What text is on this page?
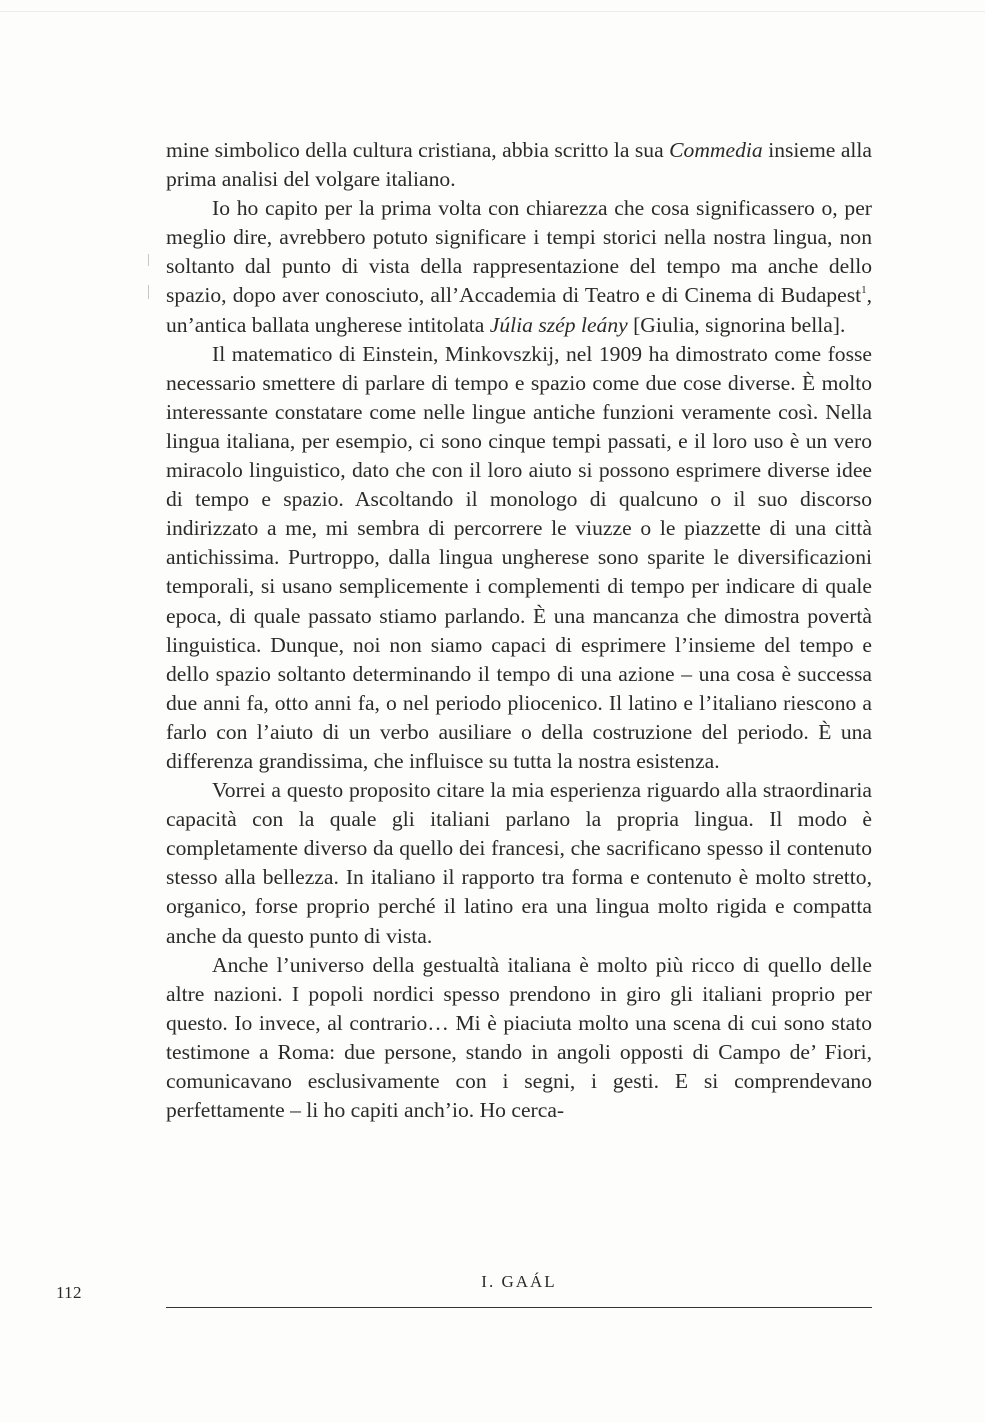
mine simbolico della cultura cristiana, abbia scritto la sua Commedia insieme alla prima analisi del volgare italiano.

Io ho capito per la prima volta con chiarezza che cosa significassero o, per meglio dire, avrebbero potuto significare i tempi storici nella nostra lingua, non soltanto dal punto di vista della rappresentazione del tempo ma anche dello spazio, dopo aver conosciuto, all’Accademia di Teatro e di Cinema di Budapest$^1$, un’antica ballata ungherese intitolata Júlia szép leány [Giulia, signorina bella].

Il matematico di Einstein, Minkovszkij, nel 1909 ha dimostrato come fosse necessario smettere di parlare di tempo e spazio come due cose diverse. È molto interessante constatare come nelle lingue antiche funzioni veramente così. Nella lingua italiana, per esempio, ci sono cinque tempi passati, e il loro uso è un vero miracolo linguistico, dato che con il loro aiuto si possono esprimere diverse idee di tempo e spazio. Ascoltando il monologo di qualcuno o il suo discorso indirizzato a me, mi sembra di percorrere le viuzze o le piazzette di una città antichissima. Purtroppo, dalla lingua ungherese sono sparite le diversificazioni temporali, si usano semplicemente i complementi di tempo per indicare di quale epoca, di quale passato stiamo parlando. È una mancanza che dimostra povertà linguistica. Dunque, noi non siamo capaci di esprimere l’insieme del tempo e dello spazio soltanto determinando il tempo di una azione – una cosa è successa due anni fa, otto anni fa, o nel periodo pliocenico. Il latino e l’italiano riescono a farlo con l’aiuto di un verbo ausiliare o della costruzione del periodo. È una differenza grandissima, che influisce su tutta la nostra esistenza.

Vorrei a questo proposito citare la mia esperienza riguardo alla straordinaria capacità con la quale gli italiani parlano la propria lingua. Il modo è completamente diverso da quello dei francesi, che sacrificano spesso il contenuto stesso alla bellezza. In italiano il rapporto tra forma e contenuto è molto stretto, organico, forse proprio perché il latino era una lingua molto rigida e compatta anche da questo punto di vista.

Anche l’universo della gestualtà italiana è molto più ricco di quello delle altre nazioni. I popoli nordici spesso prendono in giro gli italiani proprio per questo. Io invece, al contrario… Mi è piaciuta molto una scena di cui sono stato testimone a Roma: due persone, stando in angoli opposti di Campo de’ Fiori, comunicavano esclusivamente con i segni, i gesti. E si comprendevano perfettamente – li ho capiti anch’io. Ho cerca-

112
I. GAÁL
